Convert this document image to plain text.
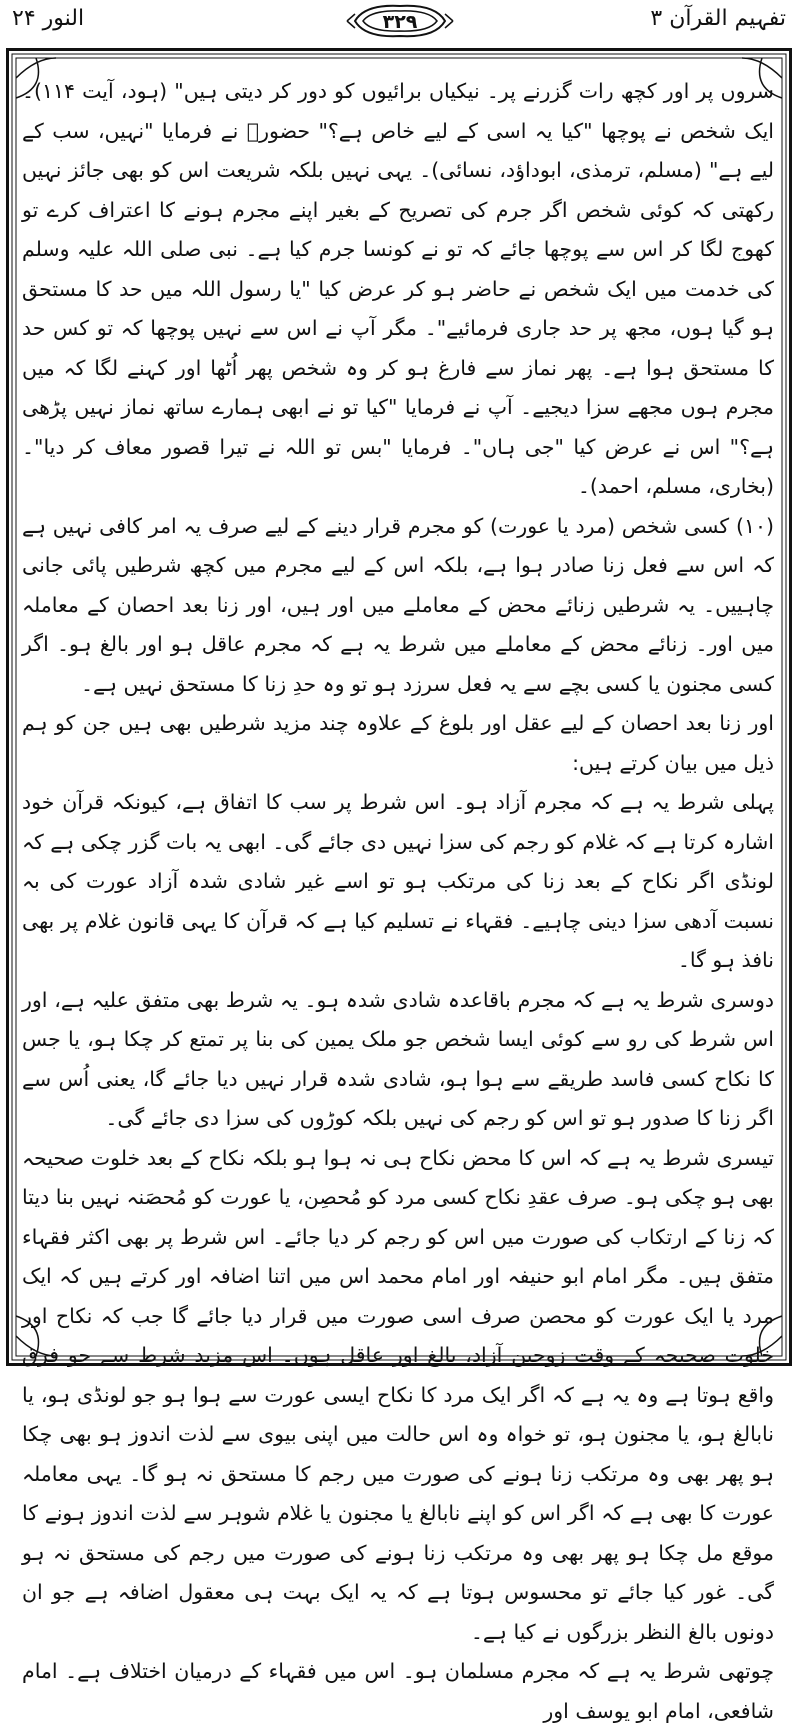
تفہیم القرآن ۳
۳۲۹
النور ۲۴

سروں پر اور کچھ رات گزرنے پر۔ نیکیاں برائیوں کو دور کر دیتی ہیں" (ہود، آیت ۱۱۴)۔ ایک شخص نے پوچھا "کیا یہ اسی کے لیے خاص ہے؟" حضورؐ نے فرمایا "نہیں، سب کے لیے ہے" (مسلم، ترمذی، ابوداؤد، نسائی)۔ یہی نہیں بلکہ شریعت اس کو بھی جائز نہیں رکھتی کہ کوئی شخص اگر جرم کی تصریح کے بغیر اپنے مجرم ہونے کا اعتراف کرے تو کھوج لگا کر اس سے پوچھا جائے کہ تو نے کونسا جرم کیا ہے۔ نبی صلی اللہ علیہ وسلم کی خدمت میں ایک شخص نے حاضر ہو کر عرض کیا "یا رسول اللہ میں حد کا مستحق ہو گیا ہوں، مجھ پر حد جاری فرمائیے"۔ مگر آپ نے اس سے نہیں پوچھا کہ تو کس حد کا مستحق ہوا ہے۔ پھر نماز سے فارغ ہو کر وہ شخص پھر اُٹھا اور کہنے لگا کہ میں مجرم ہوں مجھے سزا دیجیے۔ آپ نے فرمایا "کیا تو نے ابھی ہمارے ساتھ نماز نہیں پڑھی ہے؟" اس نے عرض کیا "جی ہاں"۔ فرمایا "بس تو اللہ نے تیرا قصور معاف کر دیا"۔ (بخاری، مسلم، احمد)۔

(۱۰) کسی شخص (مرد یا عورت) کو مجرم قرار دینے کے لیے صرف یہ امر کافی نہیں ہے کہ اس سے فعل زنا صادر ہوا ہے، بلکہ اس کے لیے مجرم میں کچھ شرطیں پائی جانی چاہییں۔ یہ شرطیں زنائے محض کے معاملے میں اور ہیں، اور زنا بعد احصان کے معاملہ میں اور۔ زنائے محض کے معاملے میں شرط یہ ہے کہ مجرم عاقل ہو اور بالغ ہو۔ اگر کسی مجنون یا کسی بچے سے یہ فعل سرزد ہو تو وہ حدِ زنا کا مستحق نہیں ہے۔

اور زنا بعد احصان کے لیے عقل اور بلوغ کے علاوہ چند مزید شرطیں بھی ہیں جن کو ہم ذیل میں بیان کرتے ہیں:

پہلی شرط یہ ہے کہ مجرم آزاد ہو۔ اس شرط پر سب کا اتفاق ہے، کیونکہ قرآن خود اشارہ کرتا ہے کہ غلام کو رجم کی سزا نہیں دی جائے گی۔ ابھی یہ بات گزر چکی ہے کہ لونڈی اگر نکاح کے بعد زنا کی مرتکب ہو تو اسے غیر شادی شدہ آزاد عورت کی بہ نسبت آدھی سزا دینی چاہیے۔ فقہاء نے تسلیم کیا ہے کہ قرآن کا یہی قانون غلام پر بھی نافذ ہو گا۔

دوسری شرط یہ ہے کہ مجرم باقاعدہ شادی شدہ ہو۔ یہ شرط بھی متفق علیہ ہے، اور اس شرط کی رو سے کوئی ایسا شخص جو ملک یمین کی بنا پر تمتع کر چکا ہو، یا جس کا نکاح کسی فاسد طریقے سے ہوا ہو، شادی شدہ قرار نہیں دیا جائے گا، یعنی اُس سے اگر زنا کا صدور ہو تو اس کو رجم کی نہیں بلکہ کوڑوں کی سزا دی جائے گی۔

تیسری شرط یہ ہے کہ اس کا محض نکاح ہی نہ ہوا ہو بلکہ نکاح کے بعد خلوت صحیحہ بھی ہو چکی ہو۔ صرف عقدِ نکاح کسی مرد کو مُحصِن، یا عورت کو مُحصَنہ نہیں بنا دیتا کہ زنا کے ارتکاب کی صورت میں اس کو رجم کر دیا جائے۔ اس شرط پر بھی اکثر فقہاء متفق ہیں۔ مگر امام ابو حنیفہ اور امام محمد اس میں اتنا اضافہ اور کرتے ہیں کہ ایک مرد یا ایک عورت کو محصن صرف اسی صورت میں قرار دیا جائے گا جب کہ نکاح اور خلوت صحیحہ کے وقت زوجین آزاد، بالغ اور عاقل ہوں۔ اس مزید شرط سے جو فرق واقع ہوتا ہے وہ یہ ہے کہ اگر ایک مرد کا نکاح ایسی عورت سے ہوا ہو جو لونڈی ہو، یا نابالغ ہو، یا مجنون ہو، تو خواہ وہ اس حالت میں اپنی بیوی سے لذت اندوز ہو بھی چکا ہو پھر بھی وہ مرتکب زنا ہونے کی صورت میں رجم کا مستحق نہ ہو گا۔ یہی معاملہ عورت کا بھی ہے کہ اگر اس کو اپنے نابالغ یا مجنون یا غلام شوہر سے لذت اندوز ہونے کا موقع مل چکا ہو پھر بھی وہ مرتکب زنا ہونے کی صورت میں رجم کی مستحق نہ ہو گی۔ غور کیا جائے تو محسوس ہوتا ہے کہ یہ ایک بہت ہی معقول اضافہ ہے جو ان دونوں بالغ النظر بزرگوں نے کیا ہے۔

چوتھی شرط یہ ہے کہ مجرم مسلمان ہو۔ اس میں فقہاء کے درمیان اختلاف ہے۔ امام شافعی، امام ابو یوسف اور
